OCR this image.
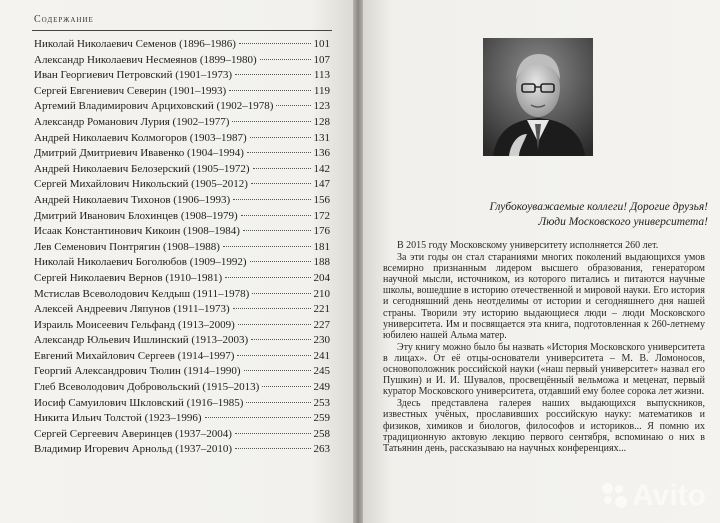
Содержание
Николай Николаевич Семенов (1896–1986)	101
Александр Николаевич Несмеянов (1899–1980)	107
Иван Георгиевич Петровский (1901–1973)	113
Сергей Евгениевич Северин (1901–1993)	119
Артемий Владимирович Арциховский (1902–1978)	123
Александр Романович Лурия (1902–1977)	128
Андрей Николаевич Колмогоров (1903–1987)	131
Дмитрий Дмитриевич Ивавенко (1904–1994)	136
Андрей Николаевич Белозерский (1905–1972)	142
Сергей Михайлович Никольский (1905–2012)	147
Андрей Николаевич Тихонов (1906–1993)	156
Дмитрий Иванович Блохинцев (1908–1979)	172
Исаак Константинович Кикоин (1908–1984)	176
Лев Семенович Понтрягин (1908–1988)	181
Николай Николаевич Боголюбов (1909–1992)	188
Сергей Николаевич Вернов (1910–1981)	204
Мстислав Всеволодович Келдыш (1911–1978)	210
Алексей Андреевич Ляпунов (1911–1973)	221
Израиль Моисеевич Гельфанд (1913–2009)	227
Александр Юльевич Ишлинский (1913–2003)	230
Евгений Михайлович Сергеев (1914–1997)	241
Георгий Александрович Тюлин (1914–1990)	245
Глеб Всеволодович Добровольский (1915–2013)	249
Иосиф Самуилович Шкловский (1916–1985)	253
Никита Ильич Толстой (1923–1996)	259
Сергей Сергеевич Аверинцев (1937–2004)	258
Владимир Игоревич Арнольд (1937–2010)	263
Глубокоуважаемые коллеги! Дорогие друзья!
Люди Московского университета!

В 2015 году Московскому университету исполняется 260 лет.

За эти годы он стал стараниями многих поколений выдающихся умов всемирно признанным лидером высшего образования, генератором научной мысли, источником, из которого питались и питаются научные школы, вошедшие в историю отечественной и мировой науки. Его история и сегодняшний день неотделимы от истории и сегодняшнего дня нашей страны. Творили эту историю выдающиеся люди – люди Московского университета. Им и посвящается эта книга, подготовленная к 260-летнему юбилею нашей Альма матер.

Эту книгу можно было бы назвать «История Московского университета в лицах». От её отцы-основатели университета – М. В. Ломоносов, основоположник российской науки («наш первый университет» назвал его Пушкин) и И. И. Шувалов, просвещённый вельможа и меценат, первый куратор Московского университета, отдавший ему более сорока лет жизни.

Здесь представлена галерея наших выдающихся выпускников, известных учёных, прославивших российскую науку: математиков и физиков, химиков и биологов, философов и историков... Я помню их традиционную актовую лекцию первого сентября, вспоминаю о них в Татьянин день, рассказываю на научных конференциях...

Avito
